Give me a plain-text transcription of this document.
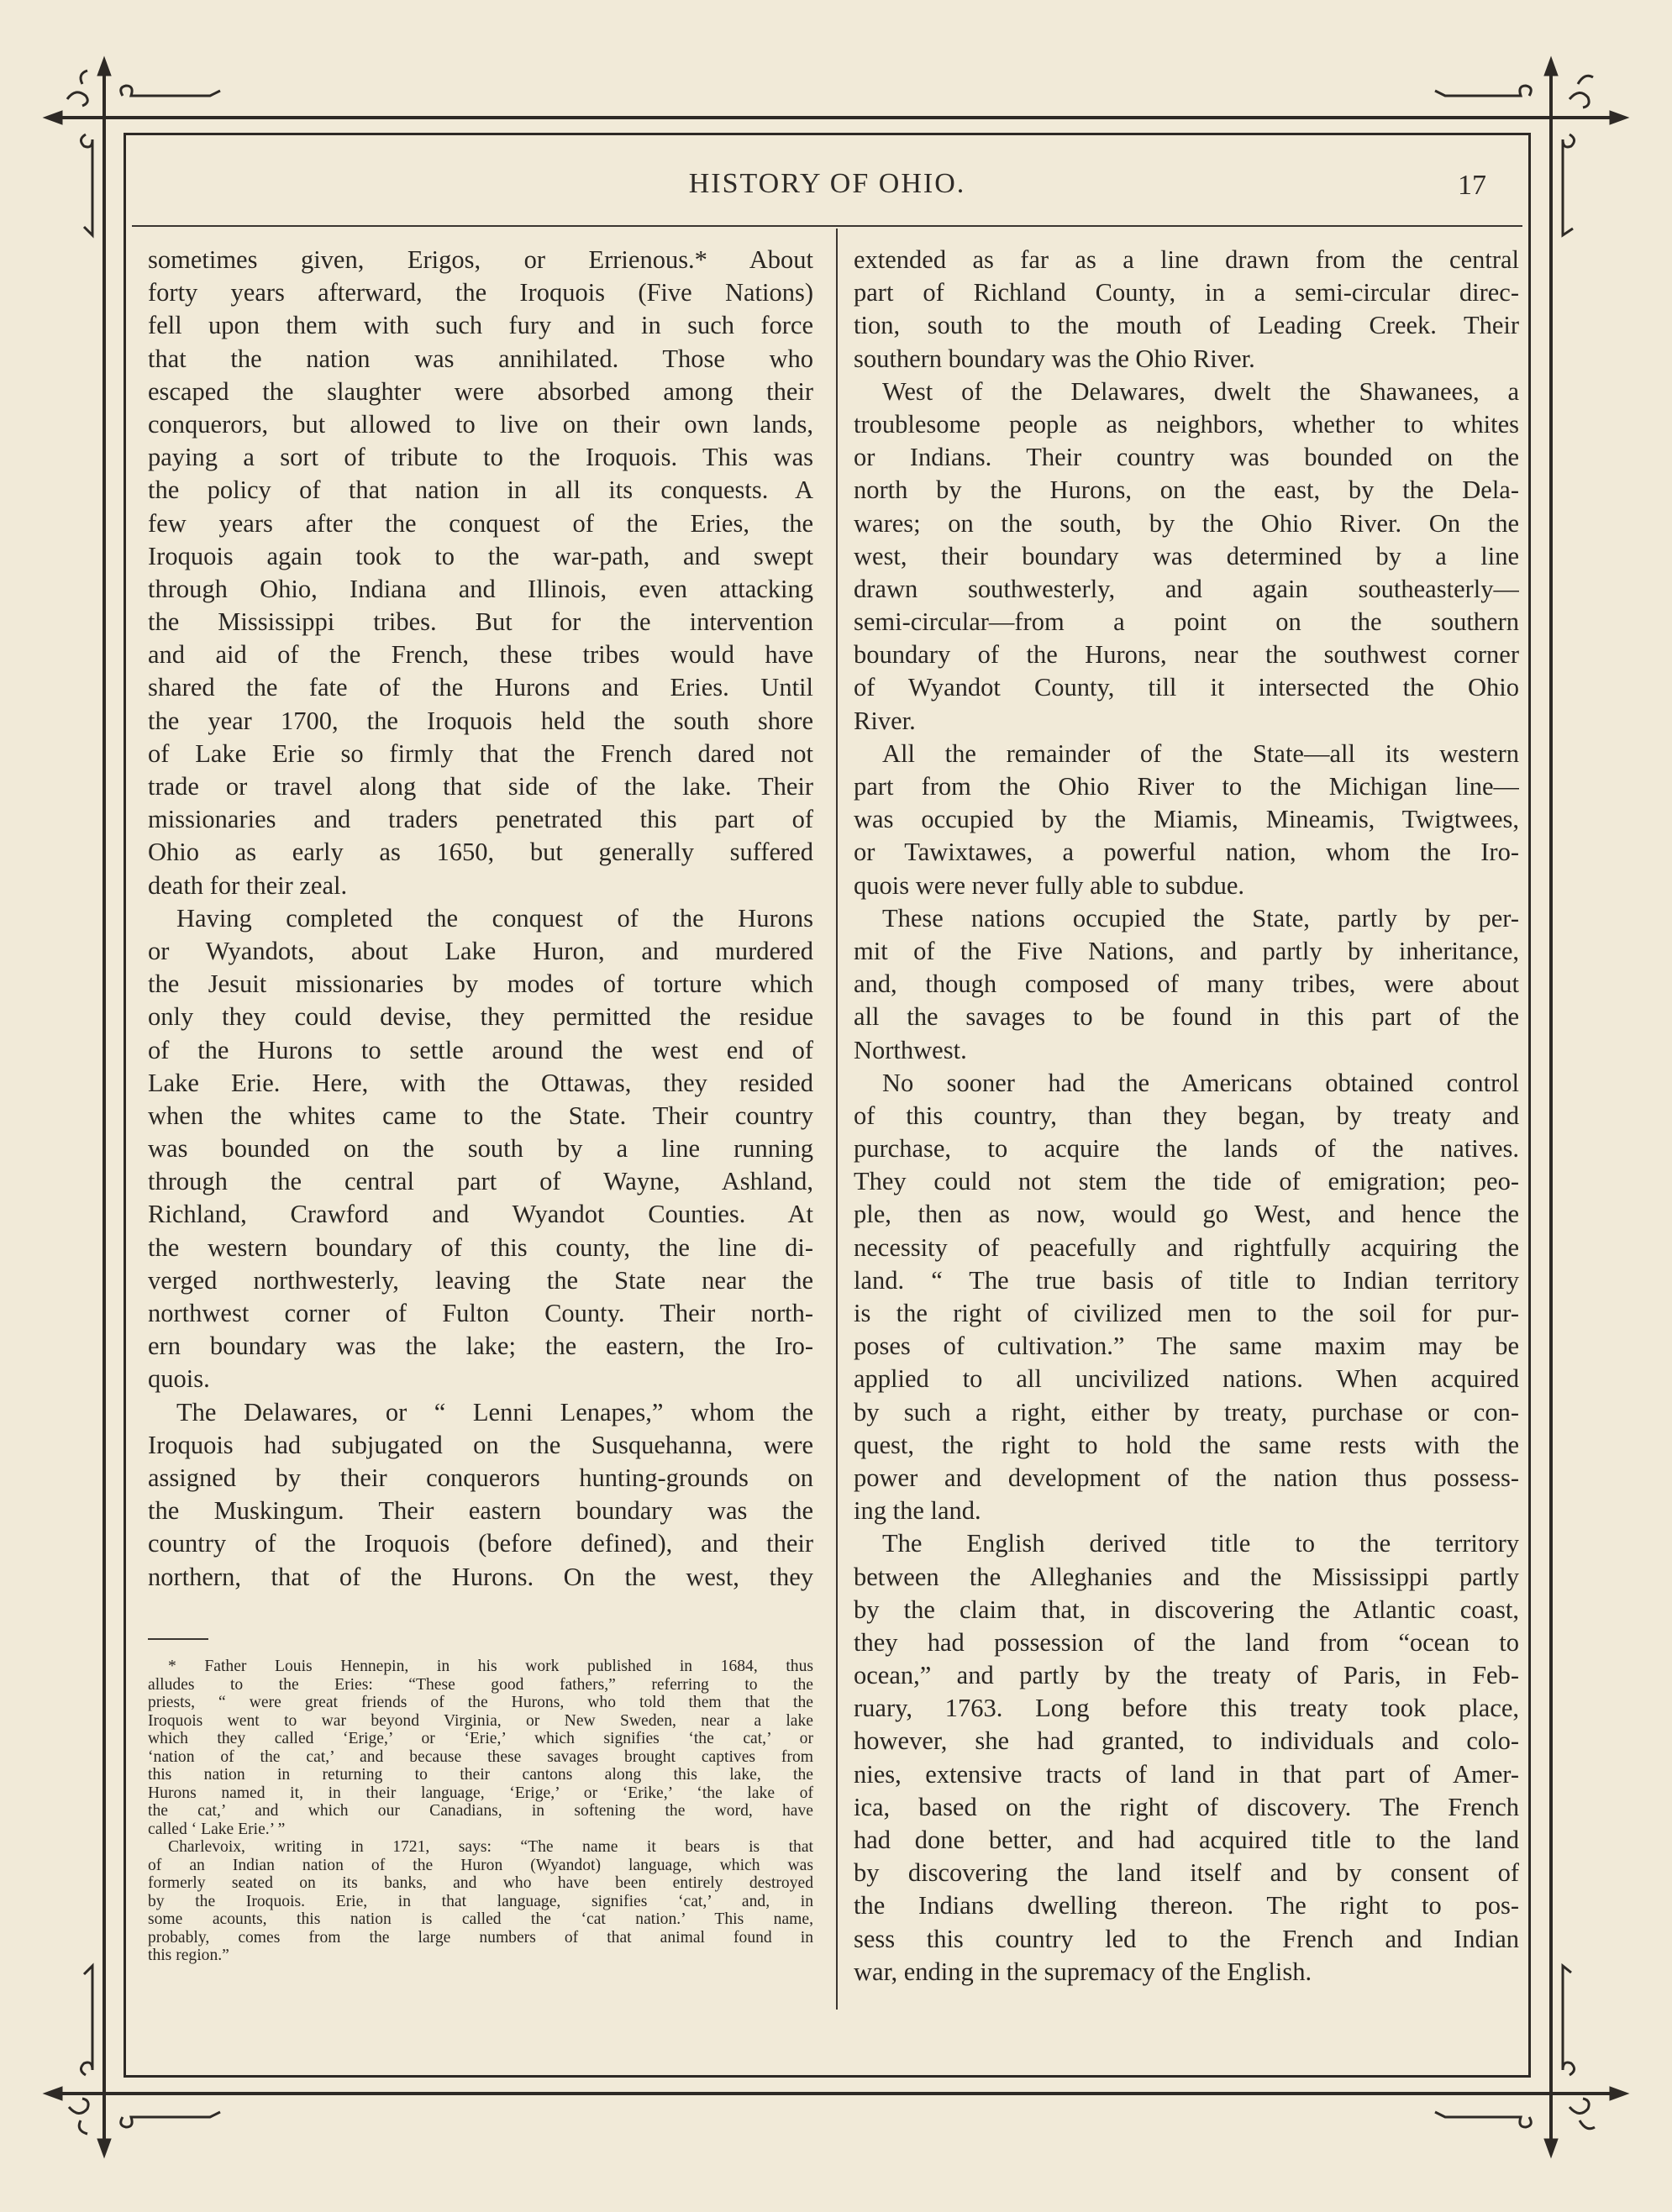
HISTORY OF OHIO.	17
sometimes given, Erigos, or Errienous.* About
forty years afterward, the Iroquois (Five Nations)
fell upon them with such fury and in such force
that the nation was annihilated. Those who
escaped the slaughter were absorbed among their
conquerors, but allowed to live on their own lands,
paying a sort of tribute to the Iroquois. This was
the policy of that nation in all its conquests. A
few years after the conquest of the Eries, the
Iroquois again took to the war-path, and swept
through Ohio, Indiana and Illinois, even attacking
the Mississippi tribes. But for the intervention
and aid of the French, these tribes would have
shared the fate of the Hurons and Eries. Until
the year 1700, the Iroquois held the south shore
of Lake Erie so firmly that the French dared not
trade or travel along that side of the lake. Their
missionaries and traders penetrated this part of
Ohio as early as 1650, but generally suffered
death for their zeal.
Having completed the conquest of the Hurons
or Wyandots, about Lake Huron, and murdered
the Jesuit missionaries by modes of torture which
only they could devise, they permitted the residue
of the Hurons to settle around the west end of
Lake Erie. Here, with the Ottawas, they resided
when the whites came to the State. Their country
was bounded on the south by a line running
through the central part of Wayne, Ashland,
Richland, Crawford and Wyandot Counties. At
the western boundary of this county, the line di-
verged northwesterly, leaving the State near the
northwest corner of Fulton County. Their north-
ern boundary was the lake; the eastern, the Iro-
quois.
The Delawares, or “ Lenni Lenapes,” whom the
Iroquois had subjugated on the Susquehanna, were
assigned by their conquerors hunting-grounds on
the Muskingum. Their eastern boundary was the
country of the Iroquois (before defined), and their
northern, that of the Hurons. On the west, they
extended as far as a line drawn from the central
part of Richland County, in a semi-circular direc-
tion, south to the mouth of Leading Creek. Their
southern boundary was the Ohio River.
West of the Delawares, dwelt the Shawanees, a
troublesome people as neighbors, whether to whites
or Indians. Their country was bounded on the
north by the Hurons, on the east, by the Dela-
wares; on the south, by the Ohio River. On the
west, their boundary was determined by a line
drawn southwesterly, and again southeasterly—
semi-circular—from a point on the southern
boundary of the Hurons, near the southwest corner
of Wyandot County, till it intersected the Ohio
River.
All the remainder of the State—all its western
part from the Ohio River to the Michigan line—
was occupied by the Miamis, Mineamis, Twigtwees,
or Tawixtawes, a powerful nation, whom the Iro-
quois were never fully able to subdue.
These nations occupied the State, partly by per-
mit of the Five Nations, and partly by inheritance,
and, though composed of many tribes, were about
all the savages to be found in this part of the
Northwest.
No sooner had the Americans obtained control
of this country, than they began, by treaty and
purchase, to acquire the lands of the natives.
They could not stem the tide of emigration; peo-
ple, then as now, would go West, and hence the
necessity of peacefully and rightfully acquiring the
land. “ The true basis of title to Indian territory
is the right of civilized men to the soil for pur-
poses of cultivation.” The same maxim may be
applied to all uncivilized nations. When acquired
by such a right, either by treaty, purchase or con-
quest, the right to hold the same rests with the
power and development of the nation thus possess-
ing the land.
The English derived title to the territory
between the Alleghanies and the Mississippi partly
by the claim that, in discovering the Atlantic coast,
they had possession of the land from “ocean to
ocean,” and partly by the treaty of Paris, in Feb-
ruary, 1763. Long before this treaty took place,
however, she had granted, to individuals and colo-
nies, extensive tracts of land in that part of Amer-
ica, based on the right of discovery. The French
had done better, and had acquired title to the land
by discovering the land itself and by consent of
the Indians dwelling thereon. The right to pos-
sess this country led to the French and Indian
war, ending in the supremacy of the English.
* Father Louis Hennepin, in his work published in 1684, thus
alludes to the Eries: “These good fathers,” referring to the
priests, “ were great friends of the Hurons, who told them that the
Iroquois went to war beyond Virginia, or New Sweden, near a lake
which they called ‘Erige,’ or ‘Erie,’ which signifies ‘the cat,’ or
‘nation of the cat,’ and because these savages brought captives from
this nation in returning to their cantons along this lake, the
Hurons named it, in their language, ‘Erige,’ or ‘Erike,’ ‘the lake of
the cat,’ and which our Canadians, in softening the word, have
called ‘ Lake Erie.’ ”
Charlevoix, writing in 1721, says: “The name it bears is that
of an Indian nation of the Huron (Wyandot) language, which was
formerly seated on its banks, and who have been entirely destroyed
by the Iroquois. Erie, in that language, signifies ‘cat,’ and, in
some acounts, this nation is called the ‘cat nation.’ This name,
probably, comes from the large numbers of that animal found in
this region.”
